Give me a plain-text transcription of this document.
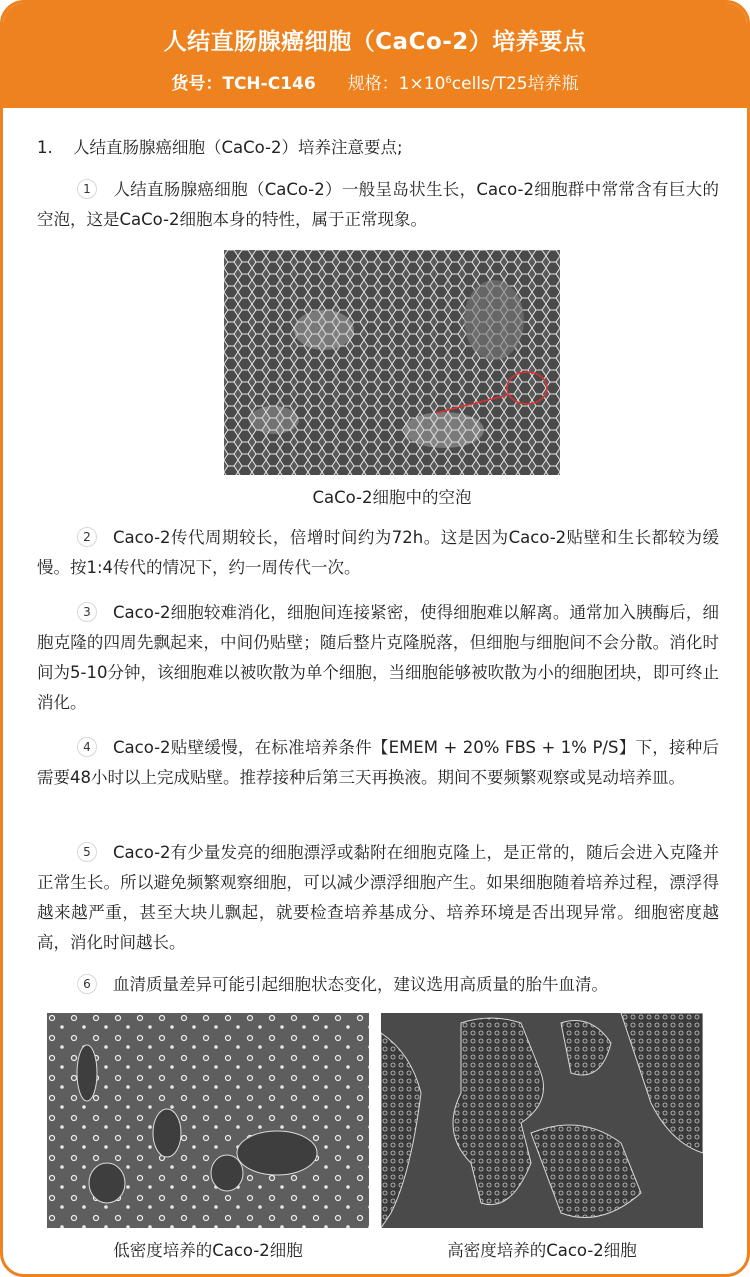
人结直肠腺癌细胞（CaCo-2）培养要点
货号：TCH-C146 规格：$1\times 10^6cells/T25$培养瓶
1. 人结直肠腺癌细胞（CaCo-2）培养注意要点;
1 人结直肠腺癌细胞（CaCo-2）一般呈岛状生长，Caco-2细胞群中常常含有巨大的空泡，这是CaCo-2细胞本身的特性，属于正常现象。
CaCo-2细胞中的空泡
2 Caco-2传代周期较长，倍增时间约为72h。这是因为Caco-2贴壁和生长都较为缓慢。按1:4传代的情况下，约一周传代一次。
3 Caco-2细胞较难消化，细胞间连接紧密，使得细胞难以解离。通常加入胰酶后，细胞克隆的四周先飘起来，中间仍贴壁；随后整片克隆脱落，但细胞与细胞间不会分散。消化时间为5-10分钟，该细胞难以被吹散为单个细胞，当细胞能够被吹散为小的细胞团块，即可终止消化。
4 Caco-2贴壁缓慢，在标准培养条件【EMEM + 20% FBS + 1% P/S】下，接种后需要48小时以上完成贴壁。推荐接种后第三天再换液。期间不要频繁观察或晃动培养皿。
5 Caco-2有少量发亮的细胞漂浮或黏附在细胞克隆上，是正常的，随后会进入克隆并正常生长。所以避免频繁观察细胞，可以减少漂浮细胞产生。如果细胞随着培养过程，漂浮得越来越严重，甚至大块儿飘起，就要检查培养基成分、培养环境是否出现异常。细胞密度越高，消化时间越长。
6 血清质量差异可能引起细胞状态变化，建议选用高质量的胎牛血清。
低密度培养的Caco-2细胞	高密度培养的Caco-2细胞
